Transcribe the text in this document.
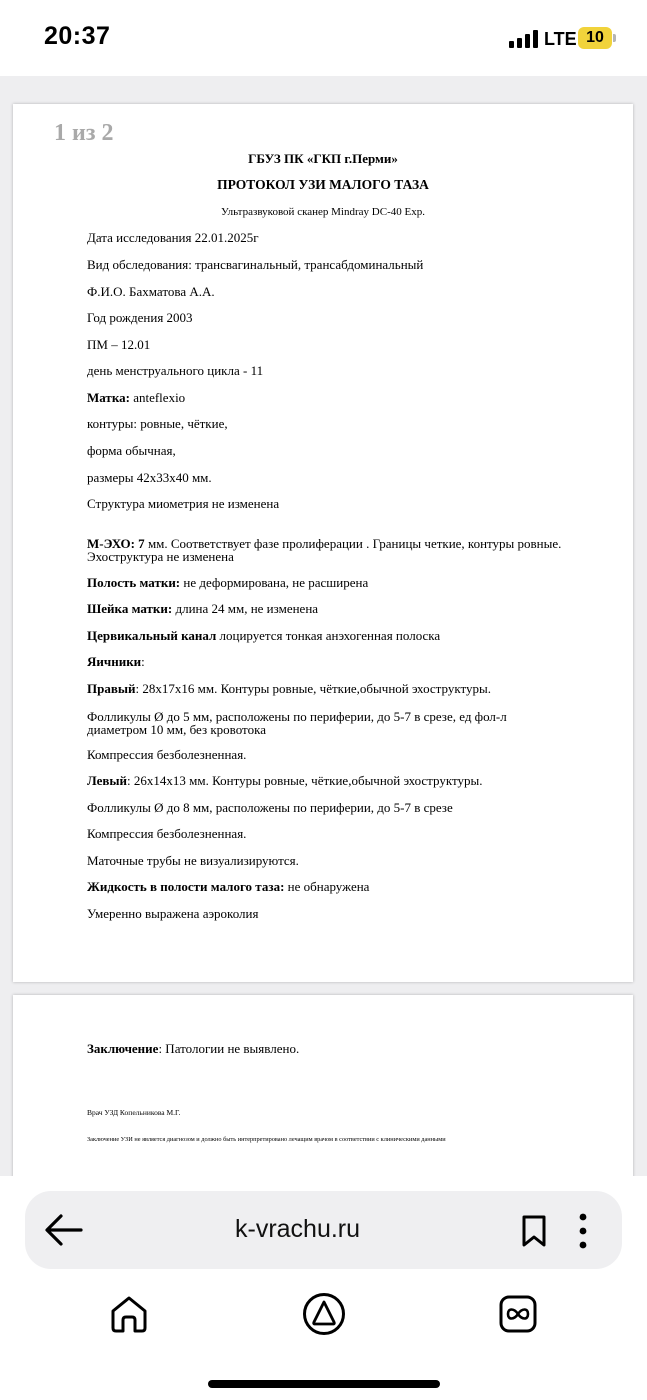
20:37	LTE 10
1 из 2
ГБУЗ ПК «ГКП г.Перми»
ПРОТОКОЛ УЗИ МАЛОГО ТАЗА
Ультразвуковой сканер Mindray DC-40 Exp.
Дата исследования 22.01.2025г
Вид обследования: трансвагинальный, трансабдоминальный
Ф.И.О. Бахматова А.А.
Год рождения 2003
ПМ – 12.01
день менструального цикла - 11
Матка: anteflexio
контуры: ровные, чёткие,
форма обычная,
размеры 42х33х40 мм.
Структура миометрия не изменена
М-ЭХО: 7 мм. Соответствует фазе пролиферации . Границы четкие, контуры ровные. Эхоструктура не изменена
Полость матки: не деформирована, не расширена
Шейка матки: длина 24 мм, не изменена
Цервикальный канал лоцируется тонкая анэхогенная полоска
Яичники:
Правый: 28х17х16 мм. Контуры ровные, чёткие,обычной эхоструктуры.
Фолликулы Ø до 5 мм, расположены по периферии, до 5-7 в срезе, ед фол-л диаметром 10 мм, без кровотока
Компрессия безболезненная.
Левый: 26х14х13 мм. Контуры ровные, чёткие,обычной эхоструктуры.
Фолликулы Ø до 8 мм, расположены по периферии, до 5-7 в срезе
Компрессия безболезненная.
Маточные трубы не визуализируются.
Жидкость в полости малого таза: не обнаружена
Умеренно выражена аэроколия
Заключение: Патологии не выявлено.
Врач УЗД Копельникова М.Г.
Заключение УЗИ не является диагнозом и должно быть интерпретировано лечащим врачом в соответствии с клиническими данными
k-vrachu.ru
